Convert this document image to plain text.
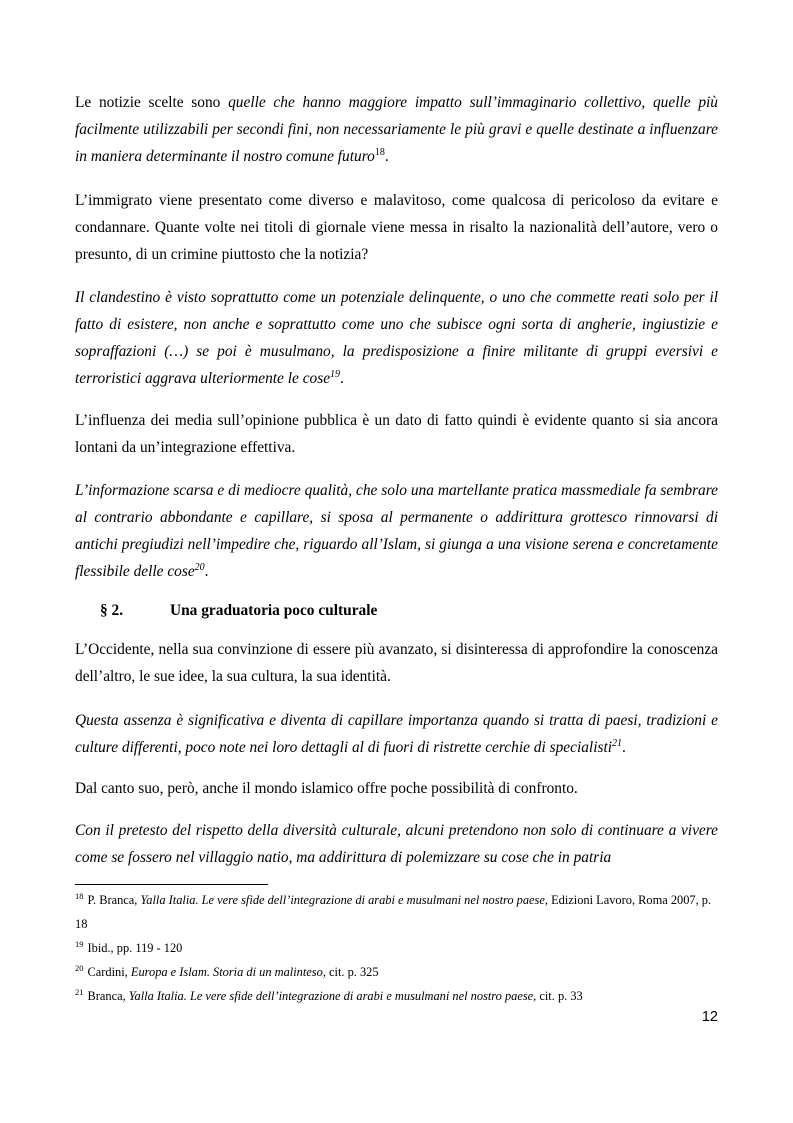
Le notizie scelte sono quelle che hanno maggiore impatto sull’immaginario collettivo, quelle più facilmente utilizzabili per secondi fini, non necessariamente le più gravi e quelle destinate a influenzare in maniera determinante il nostro comune futuro$^{18}$.

L’immigrato viene presentato come diverso e malavitoso, come qualcosa di pericoloso da evitare e condannare. Quante volte nei titoli di giornale viene messa in risalto la nazionalità dell’autore, vero o presunto, di un crimine piuttosto che la notizia?

Il clandestino è visto soprattutto come un potenziale delinquente, o uno che commette reati solo per il fatto di esistere, non anche e soprattutto come uno che subisce ogni sorta di angherie, ingiustizie e sopraffazioni (…) se poi è musulmano, la predisposizione a finire militante di gruppi eversivi e terroristici aggrava ulteriormente le cose$^{19}$.

L’influenza dei media sull’opinione pubblica è un dato di fatto quindi è evidente quanto si sia ancora lontani da un’integrazione effettiva.

L’informazione scarsa e di mediocre qualità, che solo una martellante pratica massmediale fa sembrare al contrario abbondante e capillare, si sposa al permanente o addirittura grottesco rinnovarsi di antichi pregiudizi nell’impedire che, riguardo all’Islam, si giunga a una visione serena e concretamente flessibile delle cose$^{20}$.

§ 2.	Una graduatoria poco culturale

L’Occidente, nella sua convinzione di essere più avanzato, si disinteressa di approfondire la conoscenza dell’altro, le sue idee, la sua cultura, la sua identità.

Questa assenza è significativa e diventa di capillare importanza quando si tratta di paesi, tradizioni e culture differenti, poco note nei loro dettagli al di fuori di ristrette cerchie di specialisti$^{21}$.

Dal canto suo, però, anche il mondo islamico offre poche possibilità di confronto.

Con il pretesto del rispetto della diversità culturale, alcuni pretendono non solo di continuare a vivere come se fossero nel villaggio natio, ma addirittura di polemizzare su cose che in patria

$^{18}$ P. Branca, Yalla Italia. Le vere sfide dell’integrazione di arabi e musulmani nel nostro paese, Edizioni Lavoro, Roma 2007, p. 18

$^{19}$ Ibid., pp. 119 - 120

$^{20}$ Cardini, Europa e Islam. Storia di un malinteso, cit. p. 325

$^{21}$ Branca, Yalla Italia. Le vere sfide dell’integrazione di arabi e musulmani nel nostro paese, cit. p. 33

12
